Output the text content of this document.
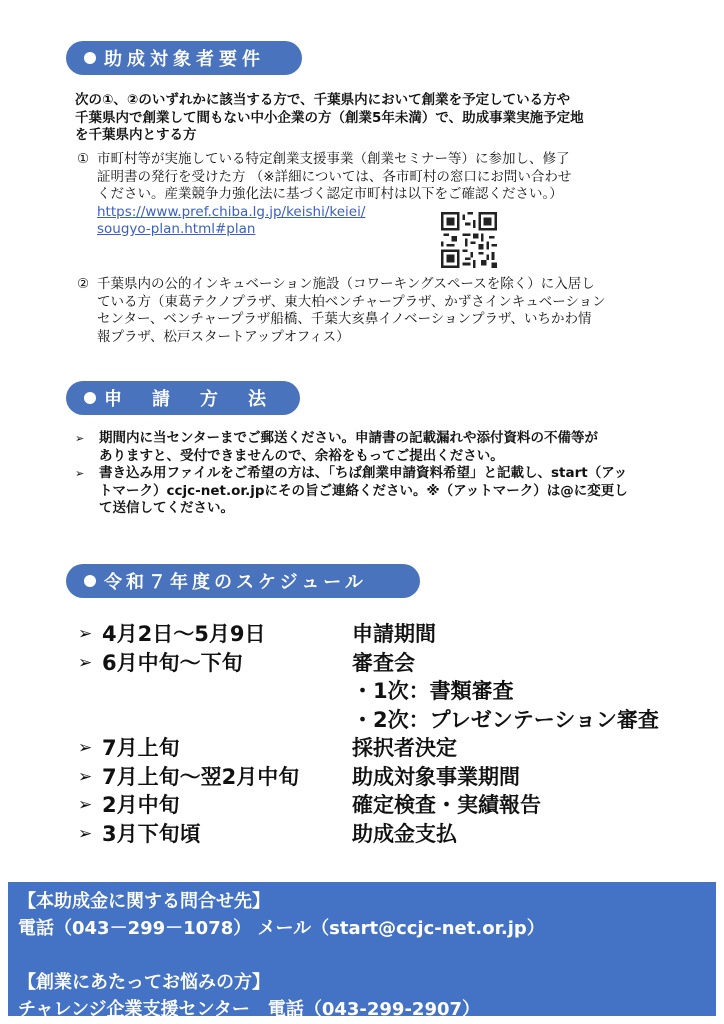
助成対象者要件
次の①、②のいずれかに該当する方で、千葉県内において創業を予定している方や
千葉県内で創業して間もない中小企業の方（創業5年未満）で、助成事業実施予定地
を千葉県内とする方
① 市町村等が実施している特定創業支援事業（創業セミナー等）に参加し、修了
証明書の発行を受けた方 （※詳細については、各市町村の窓口にお問い合わせ
ください。産業競争力強化法に基づく認定市町村は以下をご確認ください。）
https://www.pref.chiba.lg.jp/keishi/keiei/
sougyo-plan.html#plan
② 千葉県内の公的インキュベーション施設（コワーキングスペースを除く）に入居し
ている方（東葛テクノプラザ、東大柏ベンチャープラザ、かずさインキュベーション
センター、ベンチャープラザ船橋、千葉大亥鼻イノベーションプラザ、いちかわ情
報プラザ、松戸スタートアップオフィス）
申　請　方　法
➢	期間内に当センターまでご郵送ください。申請書の記載漏れや添付資料の不備等が
ありますと、受付できませんので、余裕をもってご提出ください。
➢	書き込み用ファイルをご希望の方は、「ちば創業申請資料希望」と記載し、start（アッ
トマーク）ccjc-net.or.jpにその旨ご連絡ください。※（アットマーク）は@に変更し
て送信してください。
令和７年度のスケジュール
➢ 4月2日～5月9日	申請期間
➢ 6月中旬～下旬	審査会
・1次：書類審査
・2次：プレゼンテーション審査
➢ 7月上旬	採択者決定
➢ 7月上旬～翌2月中旬	助成対象事業期間
➢ 2月中旬	確定検査・実績報告
➢ 3月下旬頃	助成金支払
【本助成金に関する問合せ先】
電話（043－299－1078） メール（start@ccjc-net.or.jp）
【創業にあたってお悩みの方】
チャレンジ企業支援センター　電話（043-299-2907）
